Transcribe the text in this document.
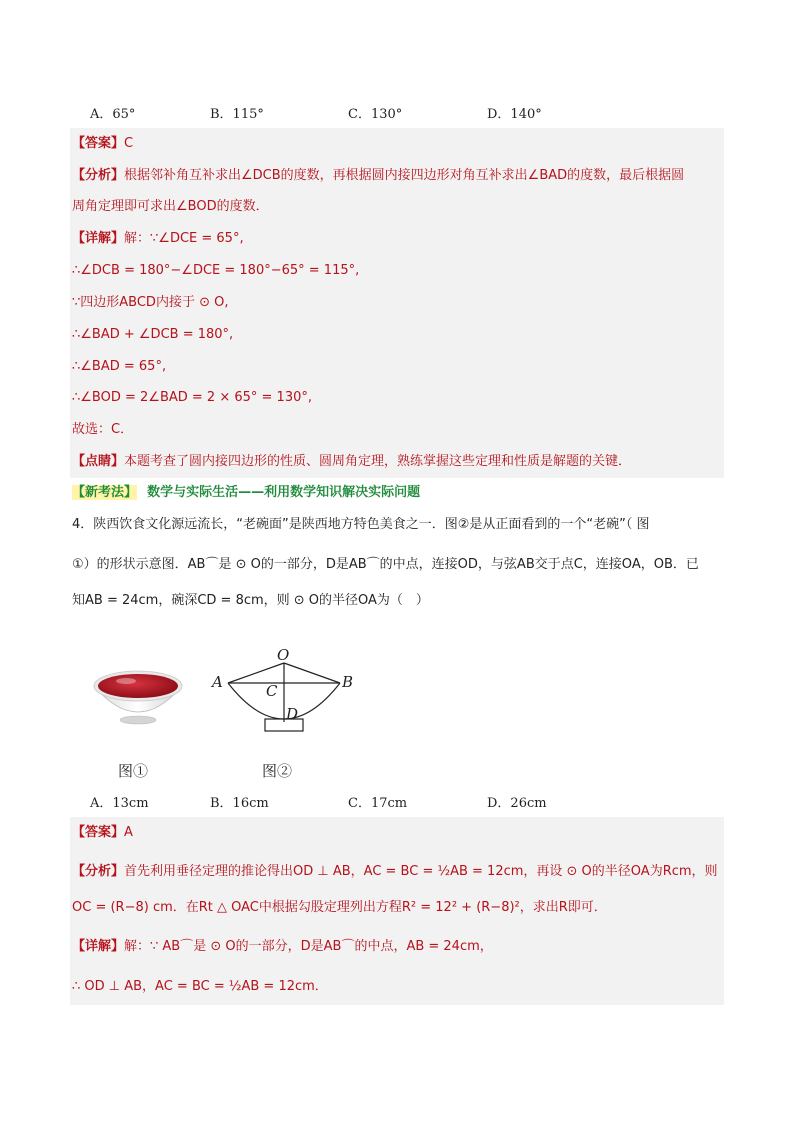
A．65°	B．115°	C．130°	D．140°
【答案】C
【分析】根据邻补角互补求出∠DCB的度数，再根据圆内接四边形对角互补求出∠BAD的度数，最后根据圆
周角定理即可求出∠BOD的度数．
【详解】解：∵∠DCE = 65°,
∴∠DCB = 180°−∠DCE = 180°−65° = 115°,
∵四边形ABCD内接于 ⊙ O,
∴∠BAD + ∠DCB = 180°,
∴∠BAD = 65°,
∴∠BOD = 2∠BAD = 2 × 65° = 130°,
故选：C．
【点睛】本题考查了圆内接四边形的性质、圆周角定理，熟练掌握这些定理和性质是解题的关键．
【新考法】 数学与实际生活——利用数学知识解决实际问题
4．陕西饮食文化源远流长，“老碗面”是陕西地方特色美食之一．图②是从正面看到的一个“老碗”（ 图
①）的形状示意图．AB⌒是 ⊙ O的一部分，D是AB⌒的中点，连接OD，与弦AB交于点C，连接OA，OB．已
知AB = 24cm，碗深CD = 8cm，则 ⊙ O的半径OA为（　）
O
A	B
C
D
图①	图②
A．13cm	B．16cm	C．17cm	D．26cm
【答案】A
【分析】首先利用垂径定理的推论得出OD ⊥ AB，AC = BC = ½AB = 12cm，再设 ⊙ O的半径OA为Rcm，则
OC = (R−8) cm．在Rt △ OAC中根据勾股定理列出方程R² = 12² + (R−8)²，求出R即可．
【详解】解：∵ AB⌒是 ⊙ O的一部分，D是AB⌒的中点，AB = 24cm，
∴ OD ⊥ AB，AC = BC = ½AB = 12cm．
